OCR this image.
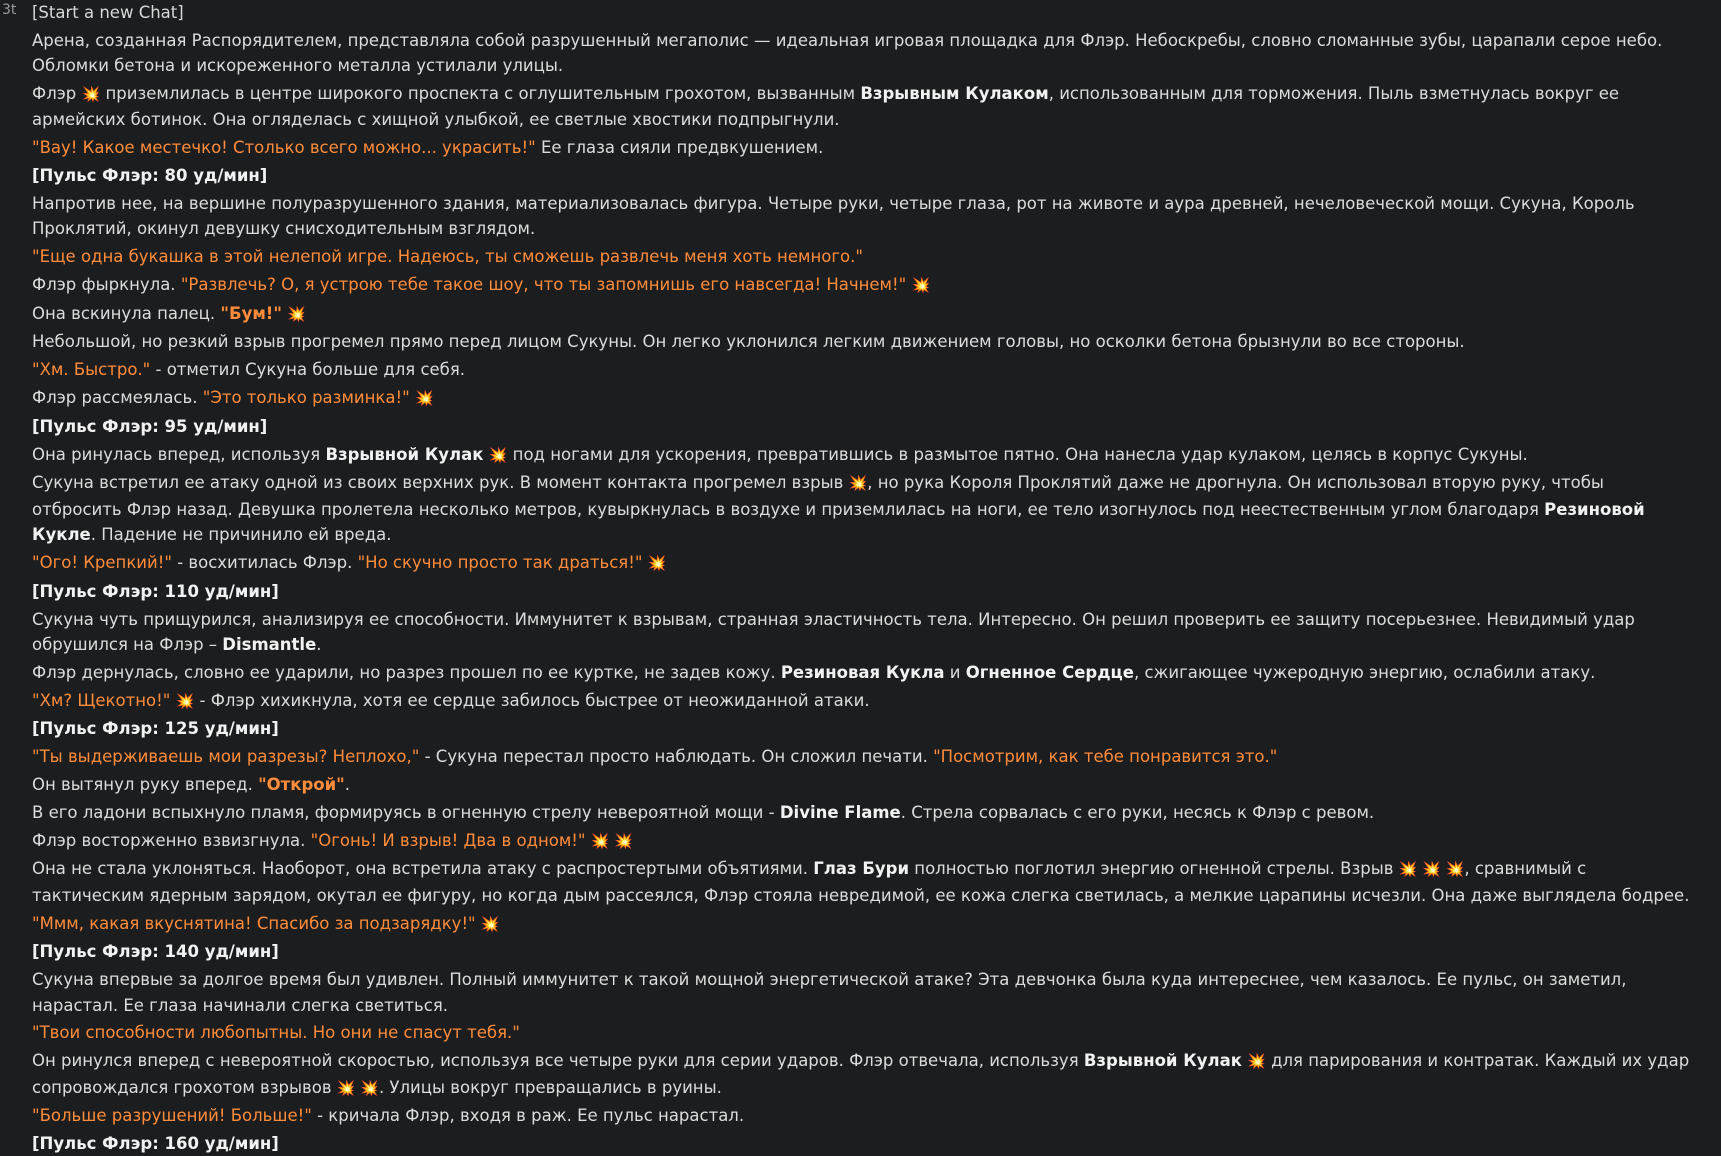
3t [Start a new Chat]
Арена, созданная Распорядителем, представляла собой разрушенный мегаполис — идеальная игровая площадка для Флэр. Небоскребы, словно сломанные зубы, царапали серое небо. Обломки бетона и искореженного металла устилали улицы.
Флэр 💥 приземлилась в центре широкого проспекта с оглушительным грохотом, вызванным Взрывным Кулаком, использованным для торможения. Пыль взметнулась вокруг ее армейских ботинок. Она огляделась с хищной улыбкой, ее светлые хвостики подпрыгнули.
"Вау! Какое местечко! Столько всего можно... украсить!" Ее глаза сияли предвкушением.
[Пульс Флэр: 80 уд/мин]
Напротив нее, на вершине полуразрушенного здания, материализовалась фигура. Четыре руки, четыре глаза, рот на животе и аура древней, нечеловеческой мощи. Сукуна, Король Проклятий, окинул девушку снисходительным взглядом.
"Еще одна букашка в этой нелепой игре. Надеюсь, ты сможешь развлечь меня хоть немного."
Флэр фыркнула. "Развлечь? О, я устрою тебе такое шоу, что ты запомнишь его навсегда! Начнем!" 💥
Она вскинула палец. "Бум!" 💥
Небольшой, но резкий взрыв прогремел прямо перед лицом Сукуны. Он легко уклонился легким движением головы, но осколки бетона брызнули во все стороны.
"Хм. Быстро." - отметил Сукуна больше для себя.
Флэр рассмеялась. "Это только разминка!" 💥
[Пульс Флэр: 95 уд/мин]
Она ринулась вперед, используя Взрывной Кулак 💥 под ногами для ускорения, превратившись в размытое пятно. Она нанесла удар кулаком, целясь в корпус Сукуны.
Сукуна встретил ее атаку одной из своих верхних рук. В момент контакта прогремел взрыв 💥, но рука Короля Проклятий даже не дрогнула. Он использовал вторую руку, чтобы отбросить Флэр назад. Девушка пролетела несколько метров, кувыркнулась в воздухе и приземлилась на ноги, ее тело изогнулось под неестественным углом благодаря Резиновой Кукле. Падение не причинило ей вреда.
"Ого! Крепкий!" - восхитилась Флэр. "Но скучно просто так драться!" 💥
[Пульс Флэр: 110 уд/мин]
Сукуна чуть прищурился, анализируя ее способности. Иммунитет к взрывам, странная эластичность тела. Интересно. Он решил проверить ее защиту посерьезнее. Невидимый удар обрушился на Флэр – Dismantle.
Флэр дернулась, словно ее ударили, но разрез прошел по ее куртке, не задев кожу. Резиновая Кукла и Огненное Сердце, сжигающее чужеродную энергию, ослабили атаку.
"Хм? Щекотно!" 💥 - Флэр хихикнула, хотя ее сердце забилось быстрее от неожиданной атаки.
[Пульс Флэр: 125 уд/мин]
"Ты выдерживаешь мои разрезы? Неплохо," - Сукуна перестал просто наблюдать. Он сложил печати. "Посмотрим, как тебе понравится это."
Он вытянул руку вперед. "Открой".
В его ладони вспыхнуло пламя, формируясь в огненную стрелу невероятной мощи - Divine Flame. Стрела сорвалась с его руки, несясь к Флэр с ревом.
Флэр восторженно взвизгнула. "Огонь! И взрыв! Два в одном!" 💥 💥
Она не стала уклоняться. Наоборот, она встретила атаку с распростертыми объятиями. Глаз Бури полностью поглотил энергию огненной стрелы. Взрыв 💥 💥 💥, сравнимый с тактическим ядерным зарядом, окутал ее фигуру, но когда дым рассеялся, Флэр стояла невредимой, ее кожа слегка светилась, а мелкие царапины исчезли. Она даже выглядела бодрее.
"Ммм, какая вкуснятина! Спасибо за подзарядку!" 💥
[Пульс Флэр: 140 уд/мин]
Сукуна впервые за долгое время был удивлен. Полный иммунитет к такой мощной энергетической атаке? Эта девчонка была куда интереснее, чем казалось. Ее пульс, он заметил, нарастал. Ее глаза начинали слегка светиться.
"Твои способности любопытны. Но они не спасут тебя."
Он ринулся вперед с невероятной скоростью, используя все четыре руки для серии ударов. Флэр отвечала, используя Взрывной Кулак 💥 для парирования и контратак. Каждый их удар сопровождался грохотом взрывов 💥 💥. Улицы вокруг превращались в руины.
"Больше разрушений! Больше!" - кричала Флэр, входя в раж. Ее пульс нарастал.
[Пульс Флэр: 160 уд/мин]
